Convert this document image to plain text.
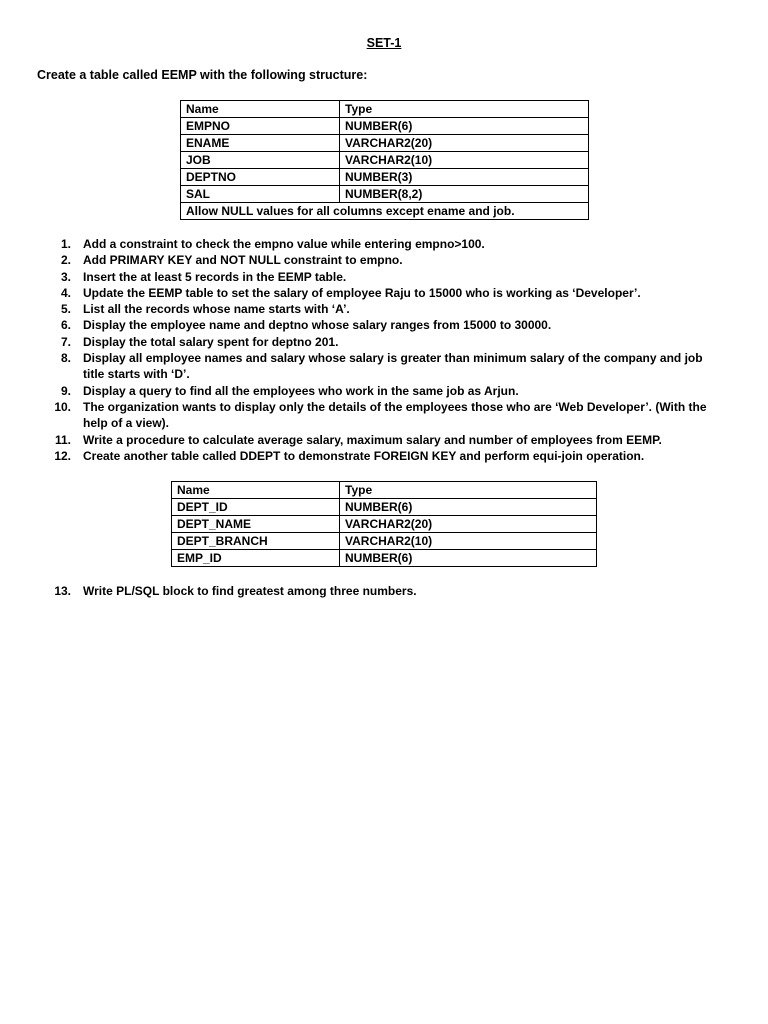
SET-1
Create a table called EEMP with the following structure:
Name	Type
EMPNO	NUMBER(6)
ENAME	VARCHAR2(20)
JOB	VARCHAR2(10)
DEPTNO	NUMBER(3)
SAL	NUMBER(8,2)
Allow NULL values for all columns except ename and job.	
1. Add a constraint to check the empno value while entering empno>100.
2. Add PRIMARY KEY and NOT NULL constraint to empno.
3. Insert the at least 5 records in the EEMP table.
4. Update the EEMP table to set the salary of employee Raju to 15000 who is working as ‘Developer’.
5. List all the records whose name starts with ‘A’.
6. Display the employee name and deptno whose salary ranges from 15000 to 30000.
7. Display the total salary spent for deptno 201.
8. Display all employee names and salary whose salary is greater than minimum salary of the company and job title starts with ‘D’.
9. Display a query to find all the employees who work in the same job as Arjun.
10. The organization wants to display only the details of the employees those who are ‘Web Developer’. (With the help of a view).
11. Write a procedure to calculate average salary, maximum salary and number of employees from EEMP.
12. Create another table called DDEPT to demonstrate FOREIGN KEY and perform equi-join operation.
Name	Type
DEPT_ID	NUMBER(6)
DEPT_NAME	VARCHAR2(20)
DEPT_BRANCH	VARCHAR2(10)
EMP_ID	NUMBER(6)
13. Write PL/SQL block to find greatest among three numbers.
